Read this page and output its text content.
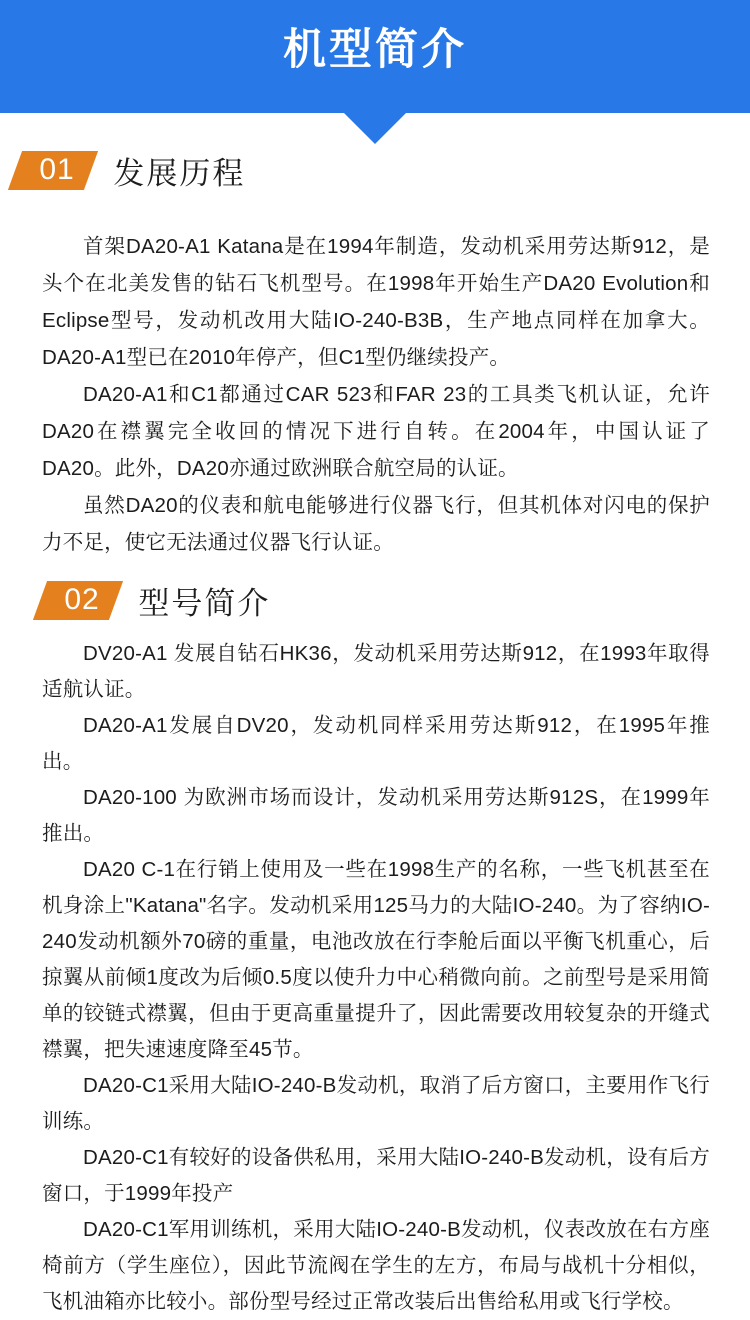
机型简介
01	发展历程

首架DA20-A1 Katana是在1994年制造，发动机采用劳达斯912，是头个在北美发售的钻石飞机型号。在1998年开始生产DA20 Evolution和Eclipse型号，发动机改用大陆IO-240-B3B，生产地点同样在加拿大。DA20-A1型已在2010年停产，但C1型仍继续投产。

DA20-A1和C1都通过CAR 523和FAR 23的工具类飞机认证，允许DA20在襟翼完全收回的情况下进行自转。在2004年，中国认证了DA20。此外，DA20亦通过欧洲联合航空局的认证。

虽然DA20的仪表和航电能够进行仪器飞行，但其机体对闪电的保护力不足，使它无法通过仪器飞行认证。

02	型号简介

DV20-A1 发展自钻石HK36，发动机采用劳达斯912，在1993年取得适航认证。

DA20-A1发展自DV20，发动机同样采用劳达斯912，在1995年推出。

DA20-100 为欧洲市场而设计，发动机采用劳达斯912S，在1999年推出。

DA20 C-1在行销上使用及一些在1998生产的名称，一些飞机甚至在机身涂上"Katana"名字。发动机采用125马力的大陆IO-240。为了容纳IO-240发动机额外70磅的重量，电池改放在行李舱后面以平衡飞机重心，后掠翼从前倾1度改为后倾0.5度以使升力中心稍微向前。之前型号是采用简单的铰链式襟翼，但由于更高重量提升了，因此需要改用较复杂的开缝式襟翼，把失速速度降至45节。

DA20-C1采用大陆IO-240-B发动机，取消了后方窗口，主要用作飞行训练。

DA20-C1有较好的设备供私用，采用大陆IO-240-B发动机，设有后方窗口，于1999年投产

DA20-C1军用训练机，采用大陆IO-240-B发动机，仪表改放在右方座椅前方（学生座位），因此节流阀在学生的左方，布局与战机十分相似，飞机油箱亦比较小。部份型号经过正常改装后出售给私用或飞行学校。
